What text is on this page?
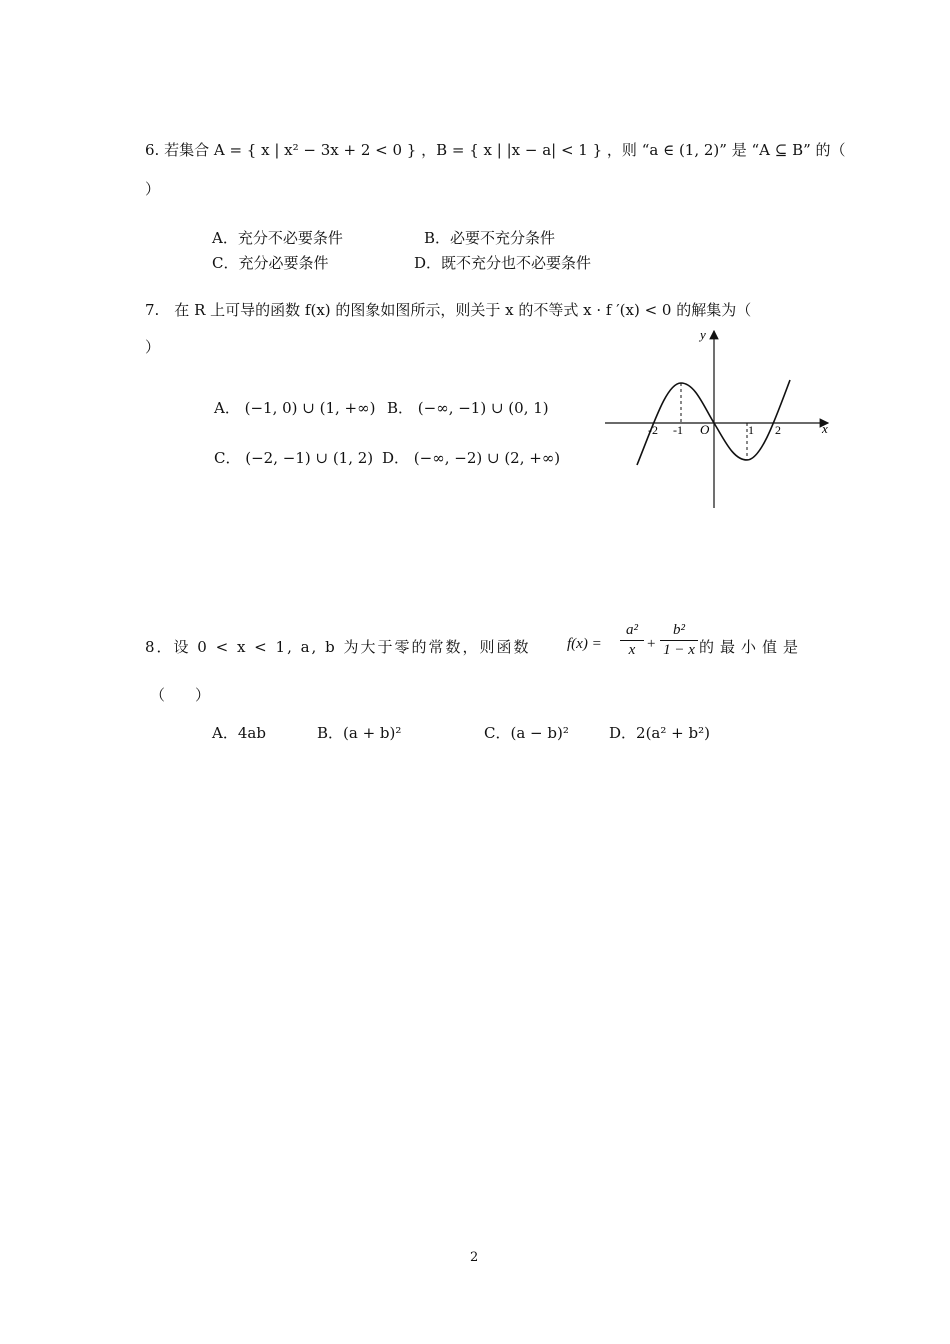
6. 若集合 A = { x | x² − 3x + 2 < 0 } ，B = { x | |x − a| < 1 } ，则 “a ∈ (1, 2)” 是 “A ⊆ B” 的（
）
A．充分不必要条件	B．必要不充分条件
C．充分必要条件	D．既不充分也不必要条件
7.　在 R 上可导的函数 f(x) 的图象如图所示，则关于 x 的不等式 x · f ′(x) < 0 的解集为（
）
A． (−1, 0) ∪ (1, +∞) B． (−∞, −1) ∪ (0, 1)
C． (−2, −1) ∪ (1, 2) D． (−∞, −2) ∪ (2, +∞)
y
x
O
-2 -1	1 2
8．设 0 < x < 1, a, b 为大于零的常数，则函数 $f(x) = \frac{\text{a²}}{x} + \frac{\text{b²}}{1 - x}$ 的最小值是
（　　）
A．4ab	B．(a + b)²	C．(a − b)²	D．2(a² + b²)
2
